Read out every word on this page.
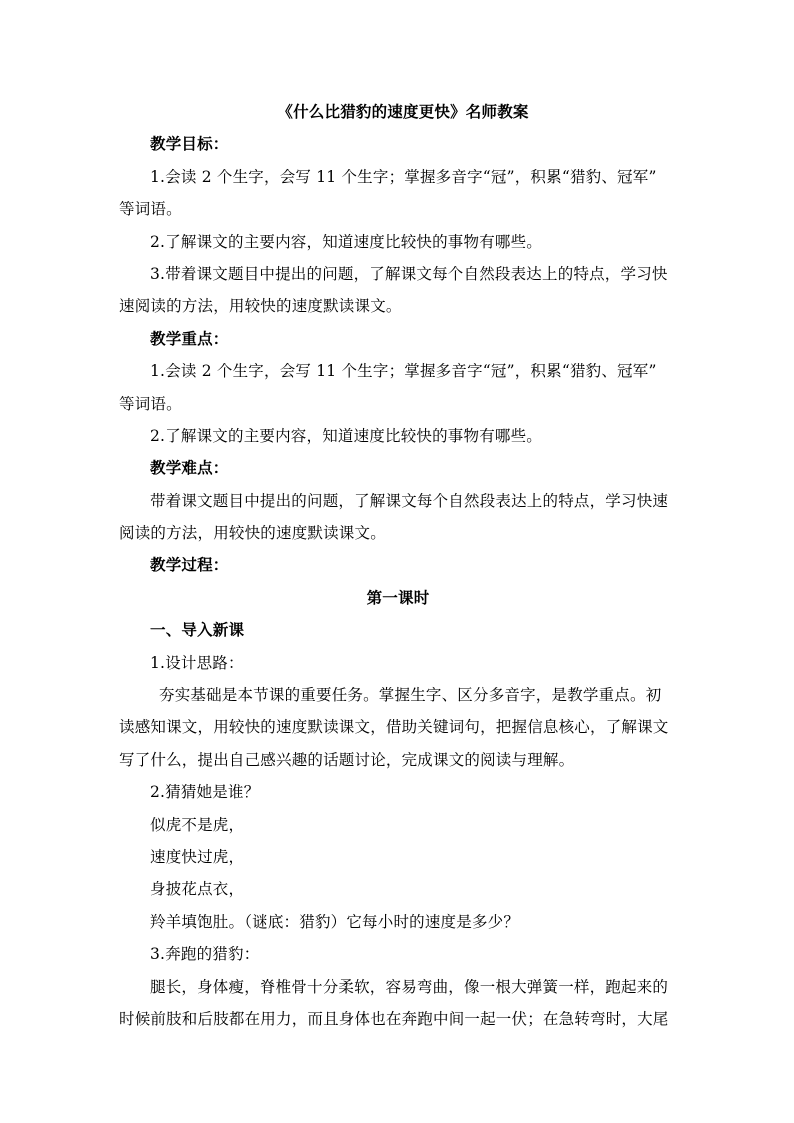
《什么比猎豹的速度更快》名师教案
教学目标：
1.会读 2 个生字，会写 11 个生字；掌握多音字“冠”，积累“猎豹、冠军”
等词语。
2.了解课文的主要内容，知道速度比较快的事物有哪些。
3.带着课文题目中提出的问题，了解课文每个自然段表达上的特点，学习快
速阅读的方法，用较快的速度默读课文。
教学重点：
1.会读 2 个生字，会写 11 个生字；掌握多音字“冠”，积累“猎豹、冠军”
等词语。
2.了解课文的主要内容，知道速度比较快的事物有哪些。
教学难点：
带着课文题目中提出的问题，了解课文每个自然段表达上的特点，学习快速
阅读的方法，用较快的速度默读课文。
教学过程：
第一课时
一、导入新课
1.设计思路：
夯实基础是本节课的重要任务。掌握生字、区分多音字，是教学重点。初
读感知课文，用较快的速度默读课文，借助关键词句，把握信息核心，了解课文
写了什么，提出自己感兴趣的话题讨论，完成课文的阅读与理解。
2.猜猜她是谁？
似虎不是虎，
速度快过虎，
身披花点衣，
羚羊填饱肚。（谜底：猎豹）它每小时的速度是多少？
3.奔跑的猎豹：
腿长，身体瘦，脊椎骨十分柔软，容易弯曲，像一根大弹簧一样，跑起来的
时候前肢和后肢都在用力，而且身体也在奔跑中间一起一伏；在急转弯时，大尾
